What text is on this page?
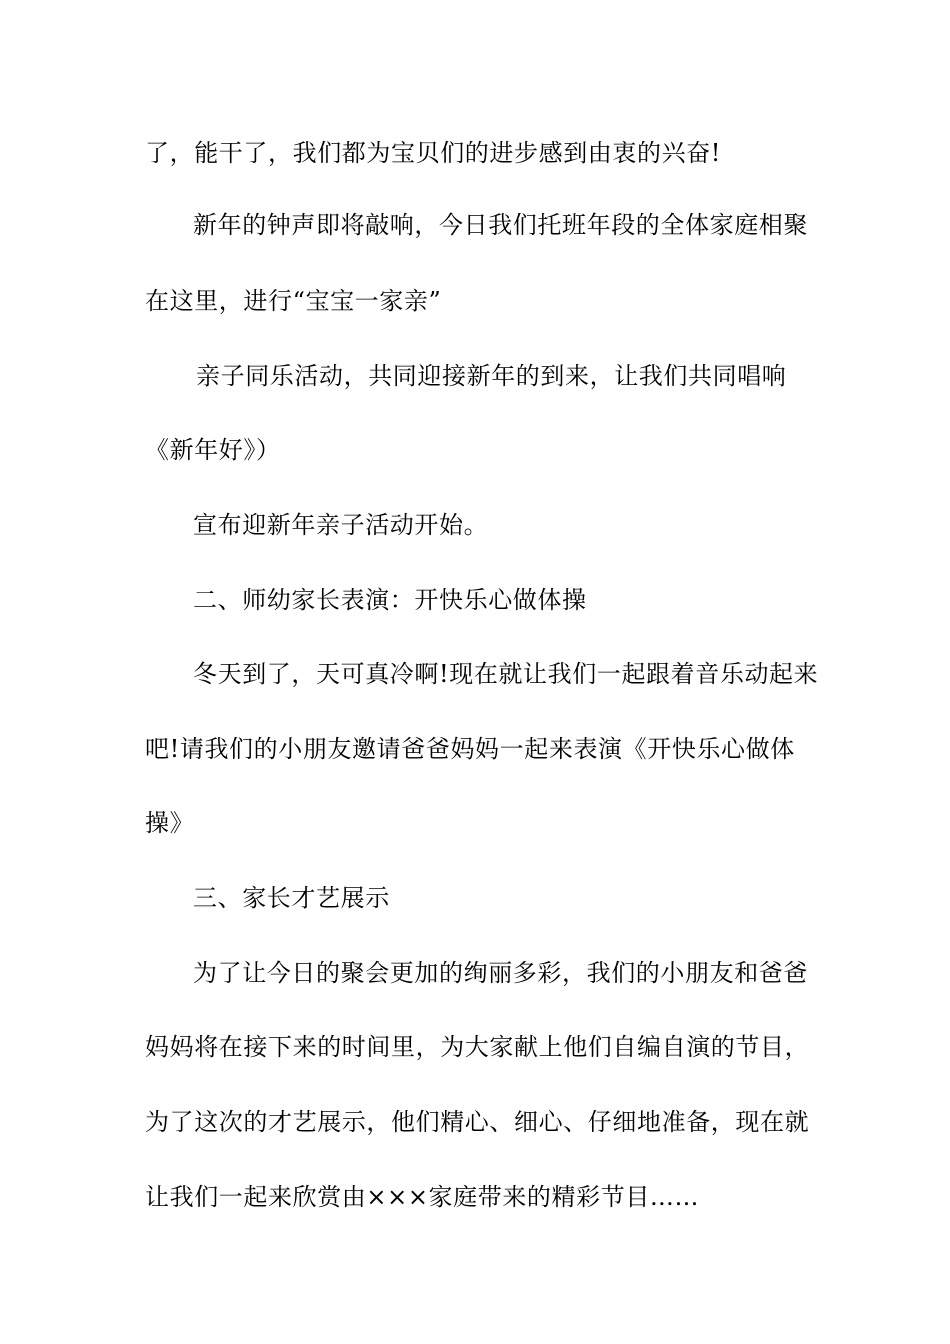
了，能干了，我们都为宝贝们的进步感到由衷的兴奋!
新年的钟声即将敲响，今日我们托班年段的全体家庭相聚
在这里，进行“宝宝一家亲”
亲子同乐活动，共同迎接新年的到来，让我们共同唱响
《新年好》）
宣布迎新年亲子活动开始。
二、师幼家长表演：开快乐心做体操
冬天到了，天可真冷啊!现在就让我们一起跟着音乐动起来
吧!请我们的小朋友邀请爸爸妈妈一起来表演《开快乐心做体
操》
三、家长才艺展示
为了让今日的聚会更加的绚丽多彩，我们的小朋友和爸爸
妈妈将在接下来的时间里，为大家献上他们自编自演的节目，
为了这次的才艺展示，他们精心、细心、仔细地准备，现在就
让我们一起来欣赏由×××家庭带来的精彩节目……
